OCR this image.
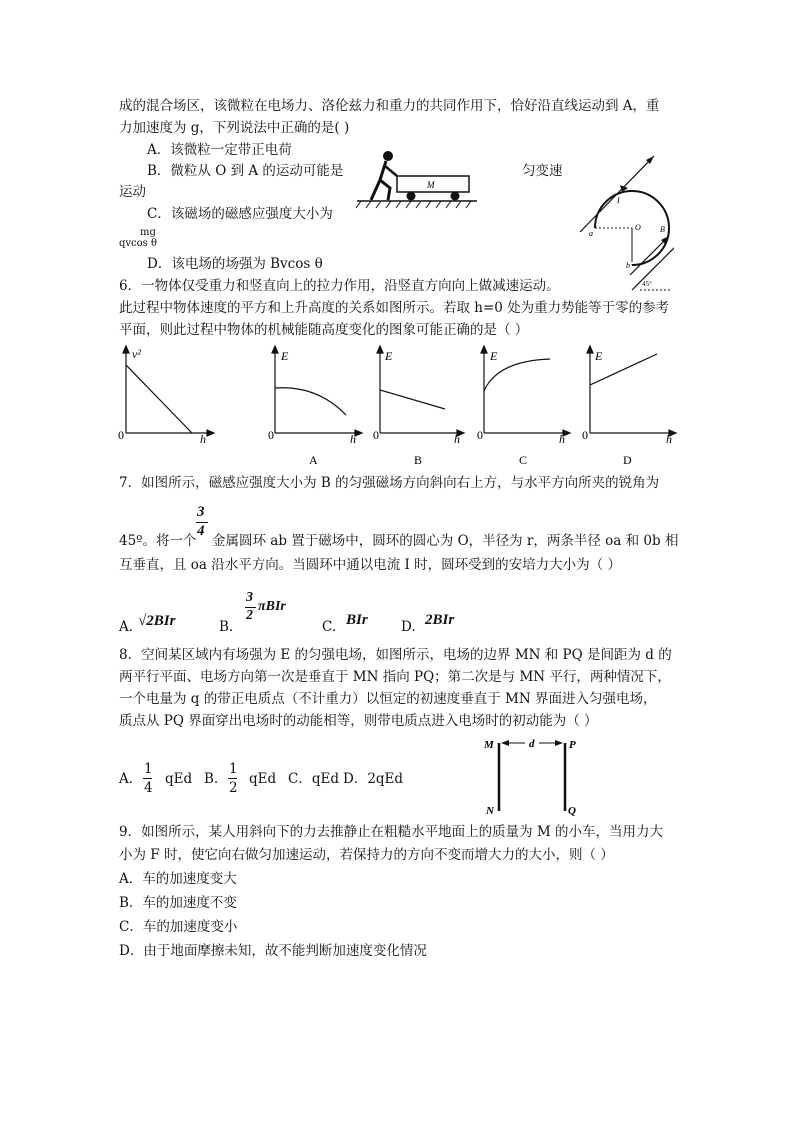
成的混合场区，该微粒在电场力、洛伦兹力和重力的共同作用下，恰好沿直线运动到 A，重
力加速度为 g，下列说法中正确的是( )
A．该微粒一定带正电荷
B．微粒从 O 到 A 的运动可能是	匀变速
运动
C．该磁场的磁感应强度大小为
mg
qvcos θ
D．该电场的场强为 Bvcos θ
M
a
b
O
I
B
45°
6．一物体仅受重力和竖直向上的拉力作用，沿竖直方向向上做减速运动。
此过程中物体速度的平方和上升高度的关系如图所示。若取 h=0 处为重力势能等于零的参考
平面，则此过程中物体的机械能随高度变化的图象可能正确的是（ ）
v²
h
E
h
E
h
E
h
E
h
0	0	0	0	0
A	B	C	D
7．如图所示，磁感应强度大小为 B 的匀强磁场方向斜向右上方，与水平方向所夹的锐角为
3
4
45º。将一个 金属圆环 ab 置于磁场中，圆环的圆心为 O，半径为 r，两条半径 oa 和 0b 相
互垂直，且 oa 沿水平方向。当圆环中通以电流 I 时，圆环受到的安培力大小为（ ）
A. √2BIr	B.
3
2
πBIr
C. BIr D. 2BIr
8．空间某区域内有场强为 E 的匀强电场，如图所示，电场的边界 MN 和 PQ 是间距为 d 的
两平行平面、电场方向第一次是垂直于 MN 指向 PQ；第二次是与 MN 平行，两种情况下，
一个电量为 q 的带正电质点（不计重力）以恒定的初速度垂直于 MN 界面进入匀强电场，
质点从 PQ 界面穿出电场时的动能相等，则带电质点进入电场时的初动能为（ ）
A.
1
4
qEd B.
1
2
qEd C．qEd D．2qEd
M	d	P
N	Q
9．如图所示，某人用斜向下的力去推静止在粗糙水平地面上的质量为 M 的小车，当用力大
小为 F 时，使它向右做匀加速运动，若保持力的方向不变而增大力的大小，则（ ）
A．车的加速度变大
B．车的加速度不变
C．车的加速度变小
D．由于地面摩擦未知，故不能判断加速度变化情况
